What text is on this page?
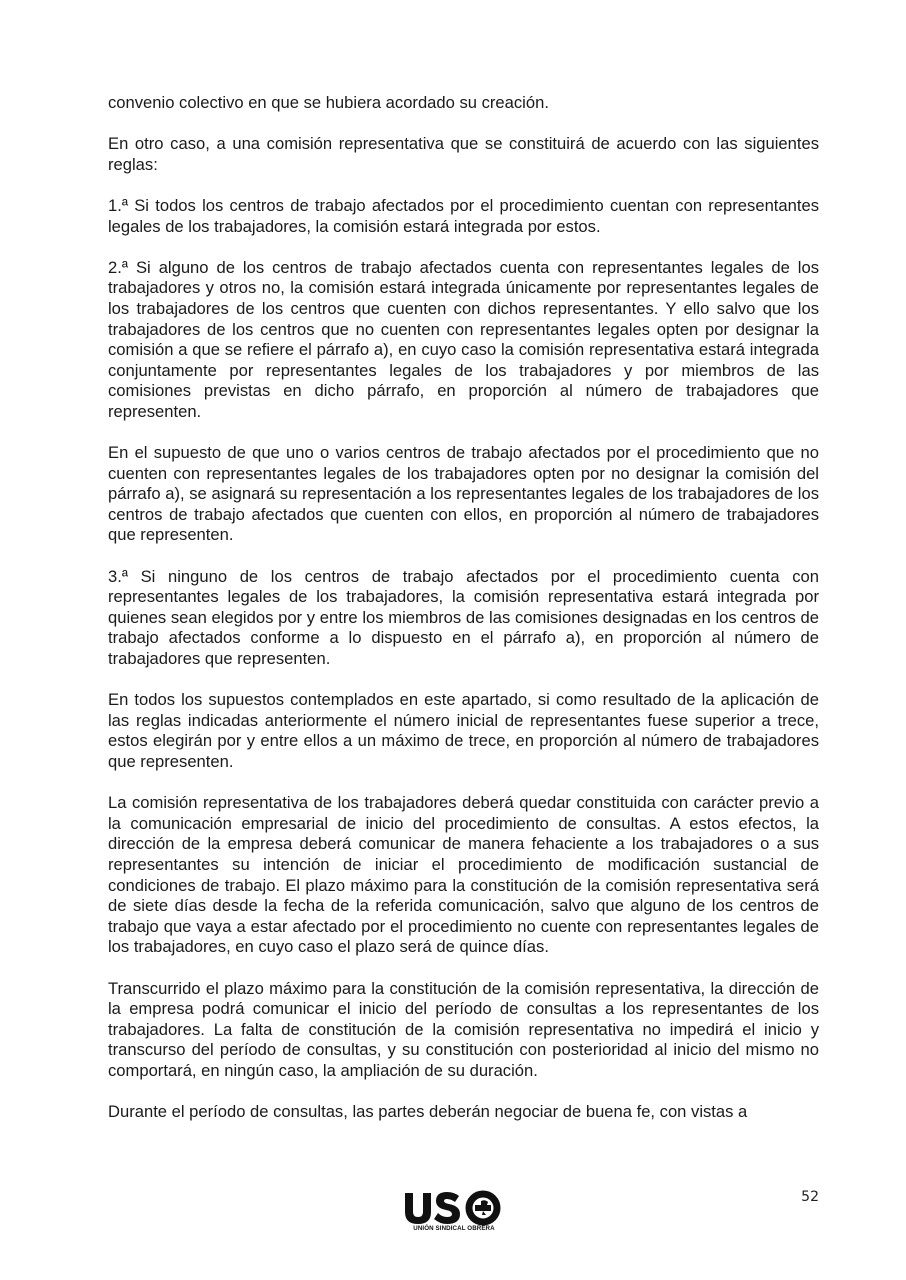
convenio colectivo en que se hubiera acordado su creación.

En otro caso, a una comisión representativa que se constituirá de acuerdo con las siguientes reglas:

1.ª Si todos los centros de trabajo afectados por el procedimiento cuentan con representantes legales de los trabajadores, la comisión estará integrada por estos.

2.ª Si alguno de los centros de trabajo afectados cuenta con representantes legales de los trabajadores y otros no, la comisión estará integrada únicamente por representantes legales de los trabajadores de los centros que cuenten con dichos representantes. Y ello salvo que los trabajadores de los centros que no cuenten con representantes legales opten por designar la comisión a que se refiere el párrafo a), en cuyo caso la comisión representativa estará integrada conjuntamente por representantes legales de los trabajadores y por miembros de las comisiones previstas en dicho párrafo, en proporción al número de trabajadores que representen.

En el supuesto de que uno o varios centros de trabajo afectados por el procedimiento que no cuenten con representantes legales de los trabajadores opten por no designar la comisión del párrafo a), se asignará su representación a los representantes legales de los trabajadores de los centros de trabajo afectados que cuenten con ellos, en proporción al número de trabajadores que representen.

3.ª Si ninguno de los centros de trabajo afectados por el procedimiento cuenta con representantes legales de los trabajadores, la comisión representativa estará integrada por quienes sean elegidos por y entre los miembros de las comisiones designadas en los centros de trabajo afectados conforme a lo dispuesto en el párrafo a), en proporción al número de trabajadores que representen.

En todos los supuestos contemplados en este apartado, si como resultado de la aplicación de las reglas indicadas anteriormente el número inicial de representantes fuese superior a trece, estos elegirán por y entre ellos a un máximo de trece, en proporción al número de trabajadores que representen.

La comisión representativa de los trabajadores deberá quedar constituida con carácter previo a la comunicación empresarial de inicio del procedimiento de consultas. A estos efectos, la dirección de la empresa deberá comunicar de manera fehaciente a los trabajadores o a sus representantes su intención de iniciar el procedimiento de modificación sustancial de condiciones de trabajo. El plazo máximo para la constitución de la comisión representativa será de siete días desde la fecha de la referida comunicación, salvo que alguno de los centros de trabajo que vaya a estar afectado por el procedimiento no cuente con representantes legales de los trabajadores, en cuyo caso el plazo será de quince días.

Transcurrido el plazo máximo para la constitución de la comisión representativa, la dirección de la empresa podrá comunicar el inicio del período de consultas a los representantes de los trabajadores. La falta de constitución de la comisión representativa no impedirá el inicio y transcurso del período de consultas, y su constitución con posterioridad al inicio del mismo no comportará, en ningún caso, la ampliación de su duración.

Durante el período de consultas, las partes deberán negociar de buena fe, con vistas a

52
UNIÓN SINDICAL OBRERA
